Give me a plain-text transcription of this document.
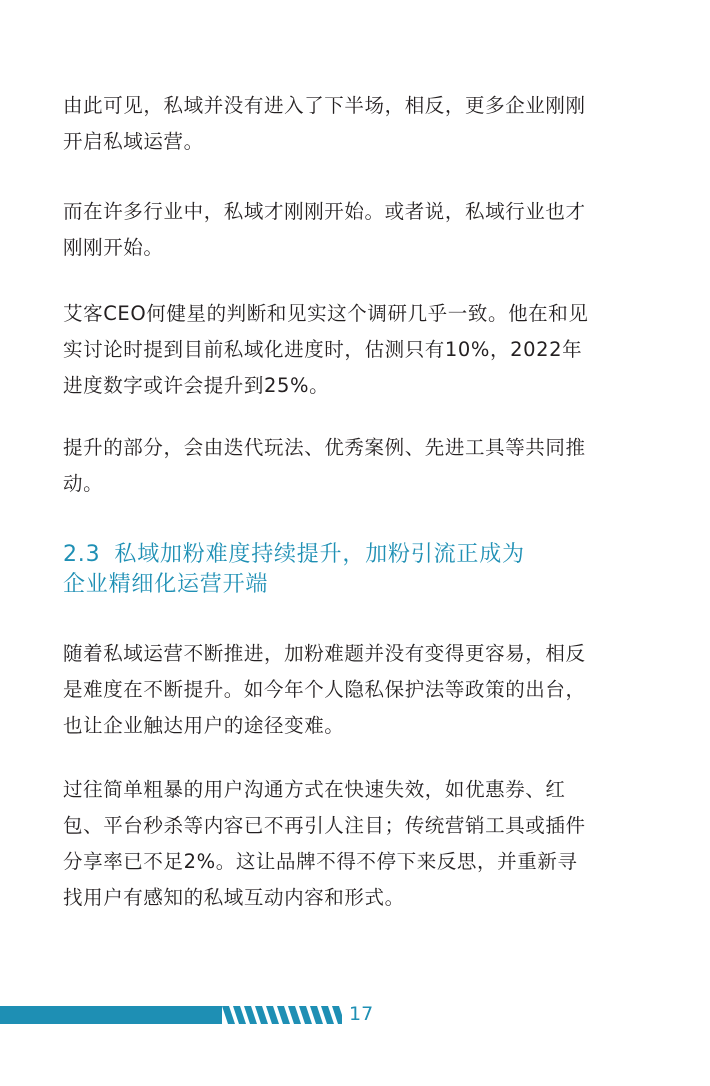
由此可见，私域并没有进入了下半场，相反，更多企业刚刚
开启私域运营。

而在许多行业中，私域才刚刚开始。或者说，私域行业也才
刚刚开始。

艾客CEO何健星的判断和见实这个调研几乎一致。他在和见
实讨论时提到目前私域化进度时，估测只有10%，2022年
进度数字或许会提升到25%。

提升的部分，会由迭代玩法、优秀案例、先进工具等共同推
动。

2.3 私域加粉难度持续提升，加粉引流正成为
企业精细化运营开端

随着私域运营不断推进，加粉难题并没有变得更容易，相反
是难度在不断提升。如今年个人隐私保护法等政策的出台，
也让企业触达用户的途径变难。

过往简单粗暴的用户沟通方式在快速失效，如优惠券、红
包、平台秒杀等内容已不再引人注目；传统营销工具或插件
分享率已不足2%。这让品牌不得不停下来反思，并重新寻
找用户有感知的私域互动内容和形式。

17
